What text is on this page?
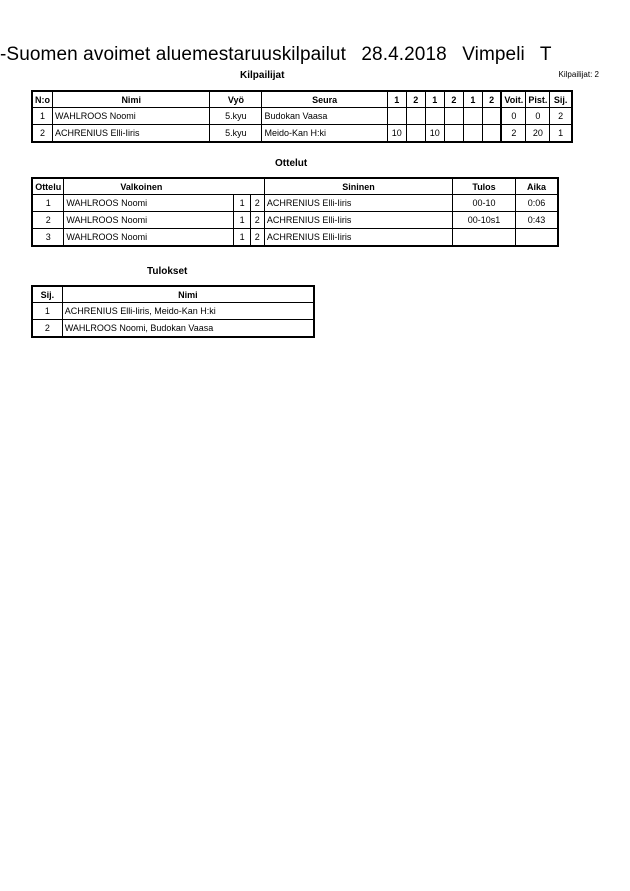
-Suomen avoimet aluemestaruuskilpailut 28.4.2018 Vimpeli T
Kilpailijat	Kilpailijat: 2
N:o	Nimi	Vyö	Seura	1	2	1	2	1	2	Voit.	Pist.	Sij.
1	WAHLROOS Noomi	5.kyu	Budokan Vaasa							0	0	2
2	ACHRENIUS Elli-Iiris	5.kyu	Meido-Kan H:ki	10		10				2	20	1
Ottelut
Ottelu	Valkoinen			Sininen	Tulos	Aika
1	WAHLROOS Noomi	1	2	ACHRENIUS Elli-Iiris	00-10	0:06
2	WAHLROOS Noomi	1	2	ACHRENIUS Elli-Iiris	00-10s1	0:43
3	WAHLROOS Noomi	1	2	ACHRENIUS Elli-Iiris		
Tulokset
Sij.	Nimi
1	ACHRENIUS Elli-Iiris, Meido-Kan H:ki
2	WAHLROOS Noomi, Budokan Vaasa
